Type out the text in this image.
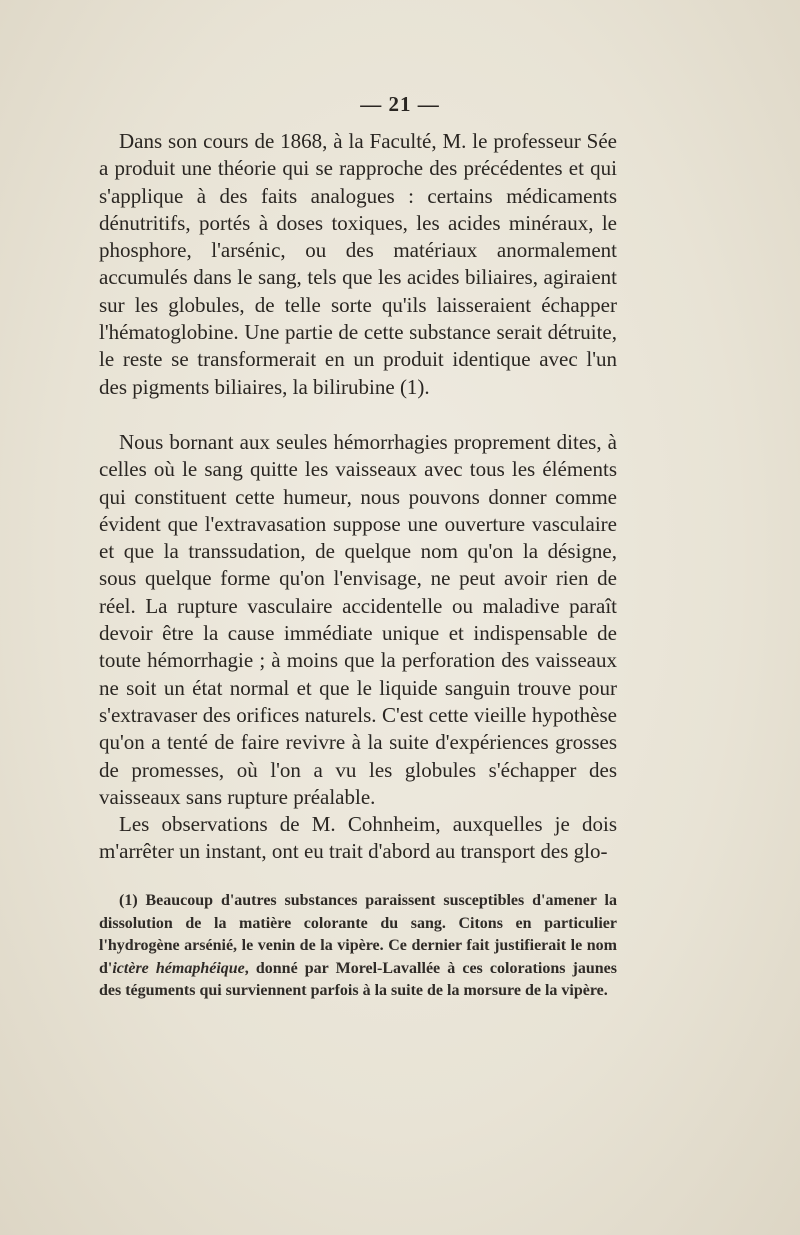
— 21 —

Dans son cours de 1868, à la Faculté, M. le professeur Sée a produit une théorie qui se rapproche des précédentes et qui s'applique à des faits analogues : certains médicaments dénutritifs, portés à doses toxiques, les acides minéraux, le phosphore, l'arsénic, ou des matériaux anormalement accumulés dans le sang, tels que les acides biliaires, agiraient sur les globules, de telle sorte qu'ils laisseraient échapper l'hématoglobine. Une partie de cette substance serait détruite, le reste se transformerait en un produit identique avec l'un des pigments biliaires, la bilirubine (1).

Nous bornant aux seules hémorrhagies proprement dites, à celles où le sang quitte les vaisseaux avec tous les éléments qui constituent cette humeur, nous pouvons donner comme évident que l'extravasation suppose une ouverture vasculaire et que la transsudation, de quelque nom qu'on la désigne, sous quelque forme qu'on l'envisage, ne peut avoir rien de réel. La rupture vasculaire accidentelle ou maladive paraît devoir être la cause immédiate unique et indispensable de toute hémorrhagie ; à moins que la perforation des vaisseaux ne soit un état normal et que le liquide sanguin trouve pour s'extravaser des orifices naturels. C'est cette vieille hypothèse qu'on a tenté de faire revivre à la suite d'expériences grosses de promesses, où l'on a vu les globules s'échapper des vaisseaux sans rupture préalable.

Les observations de M. Cohnheim, auxquelles je dois m'arrêter un instant, ont eu trait d'abord au transport des glo-

(1) Beaucoup d'autres substances paraissent susceptibles d'amener la dissolution de la matière colorante du sang. Citons en particulier l'hydrogène arsénié, le venin de la vipère. Ce dernier fait justifierait le nom d'ictère hémaphéique, donné par Morel-Lavallée à ces colorations jaunes des téguments qui surviennent parfois à la suite de la morsure de la vipère.
